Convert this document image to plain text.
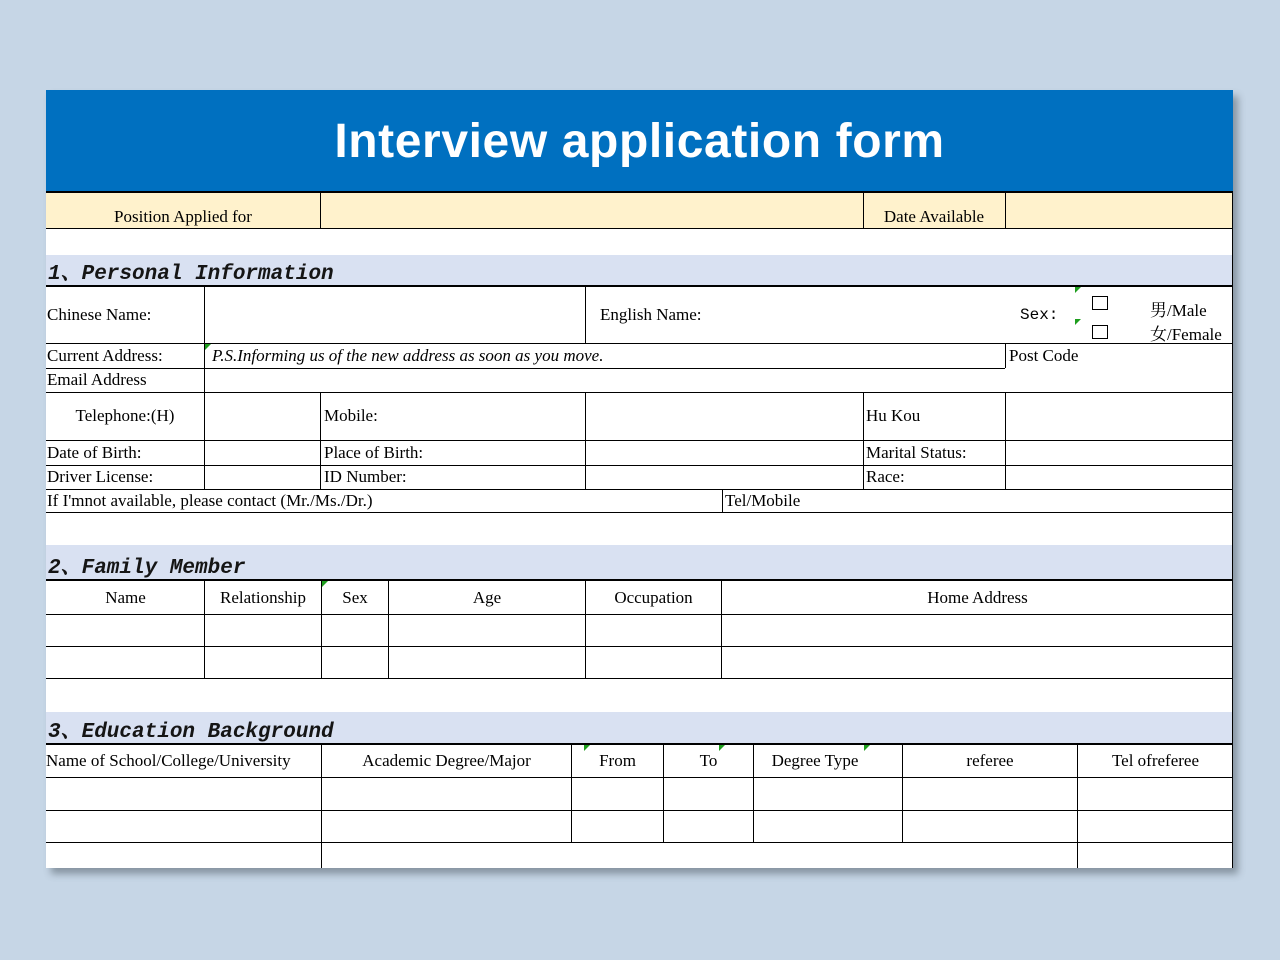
Interview application form
Position Applied for	Date Available
1、Personal Information
Chinese Name:	English Name:	Sex:	男/Male
女/Female
Current Address:	P.S.Informing us of the new address as soon as you move.	Post Code
Email Address
Telephone:(H)	Mobile:	Hu Kou
Date of Birth:	Place of Birth:	Marital Status:
Driver License:	ID Number:	Race:
If I'mnot available, please contact (Mr./Ms./Dr.)	Tel/Mobile
2、Family Member
3、Education Background
Name	Relationship	Sex	Age	Occupation	Home Address
Name of School/College/University	Academic Degree/Major	From	To	Degree Type	referee	Tel ofreferee
